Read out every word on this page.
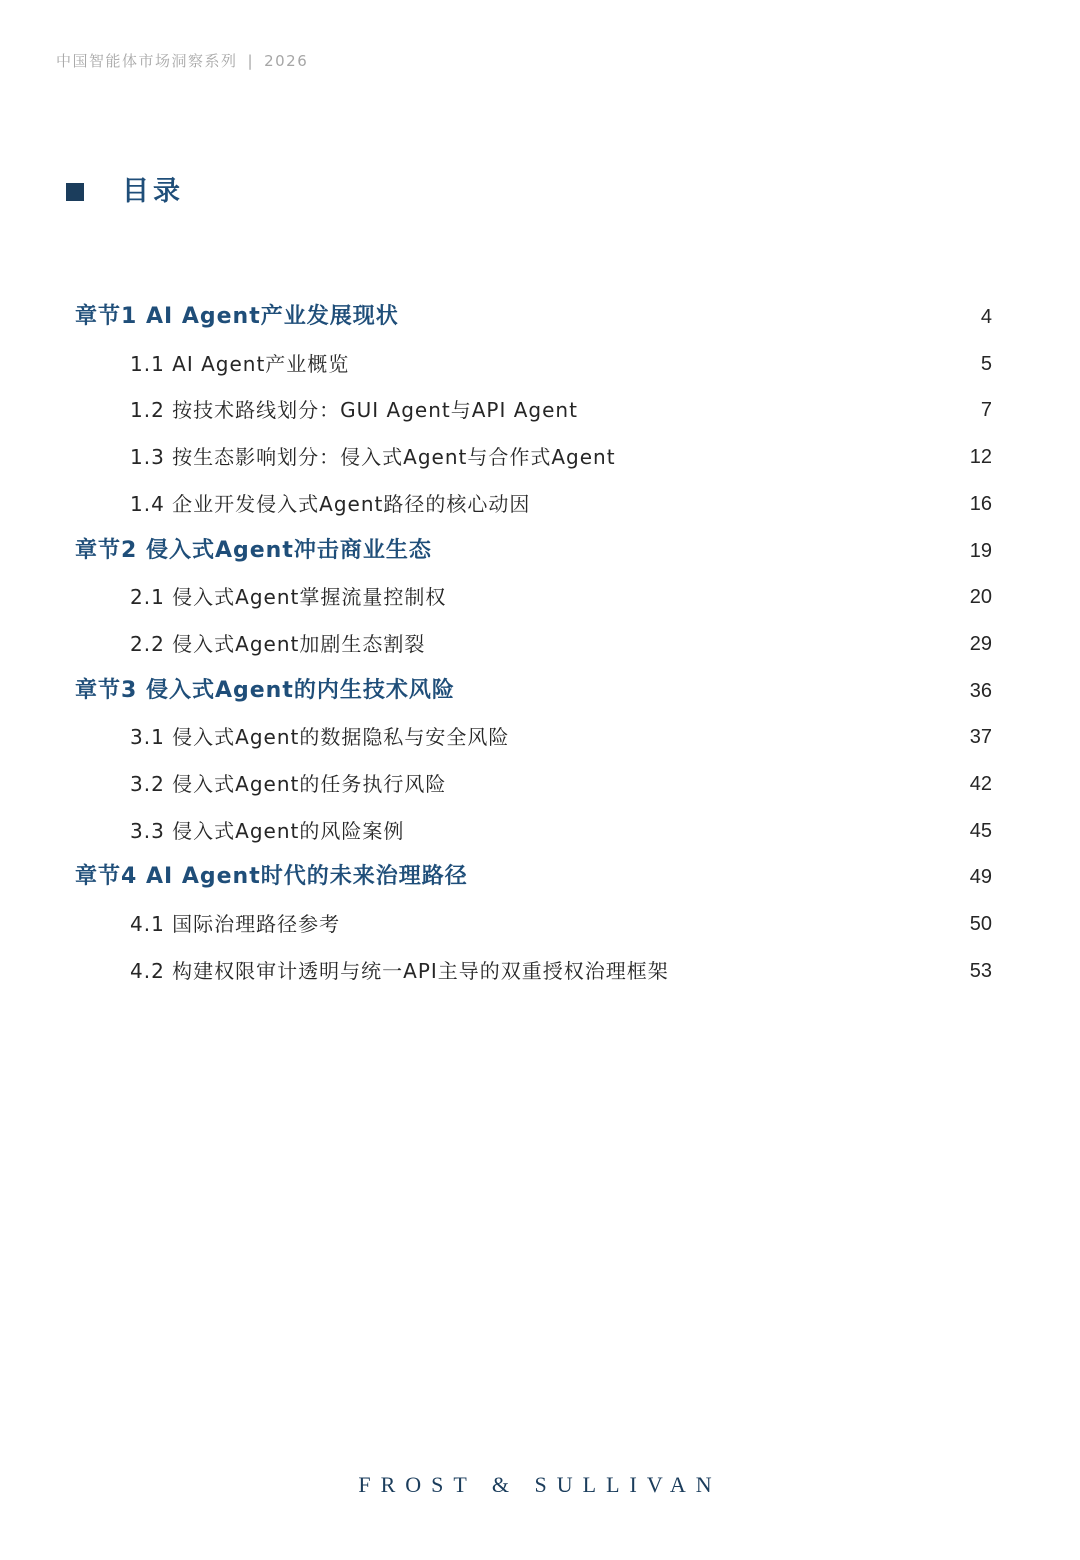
中国智能体市场洞察系列 | 2026
目录
章节1 AI Agent产业发展现状	4
1.1 AI Agent产业概览	5
1.2 按技术路线划分：GUI Agent与API Agent	7
1.3 按生态影响划分：侵入式Agent与合作式Agent	12
1.4 企业开发侵入式Agent路径的核心动因	16
章节2 侵入式Agent冲击商业生态	19
2.1 侵入式Agent掌握流量控制权	20
2.2 侵入式Agent加剧生态割裂	29
章节3 侵入式Agent的内生技术风险	36
3.1 侵入式Agent的数据隐私与安全风险	37
3.2 侵入式Agent的任务执行风险	42
3.3 侵入式Agent的风险案例	45
章节4 AI Agent时代的未来治理路径	49
4.1 国际治理路径参考	50
4.2 构建权限审计透明与统一API主导的双重授权治理框架	53
FROST & SULLIVAN
